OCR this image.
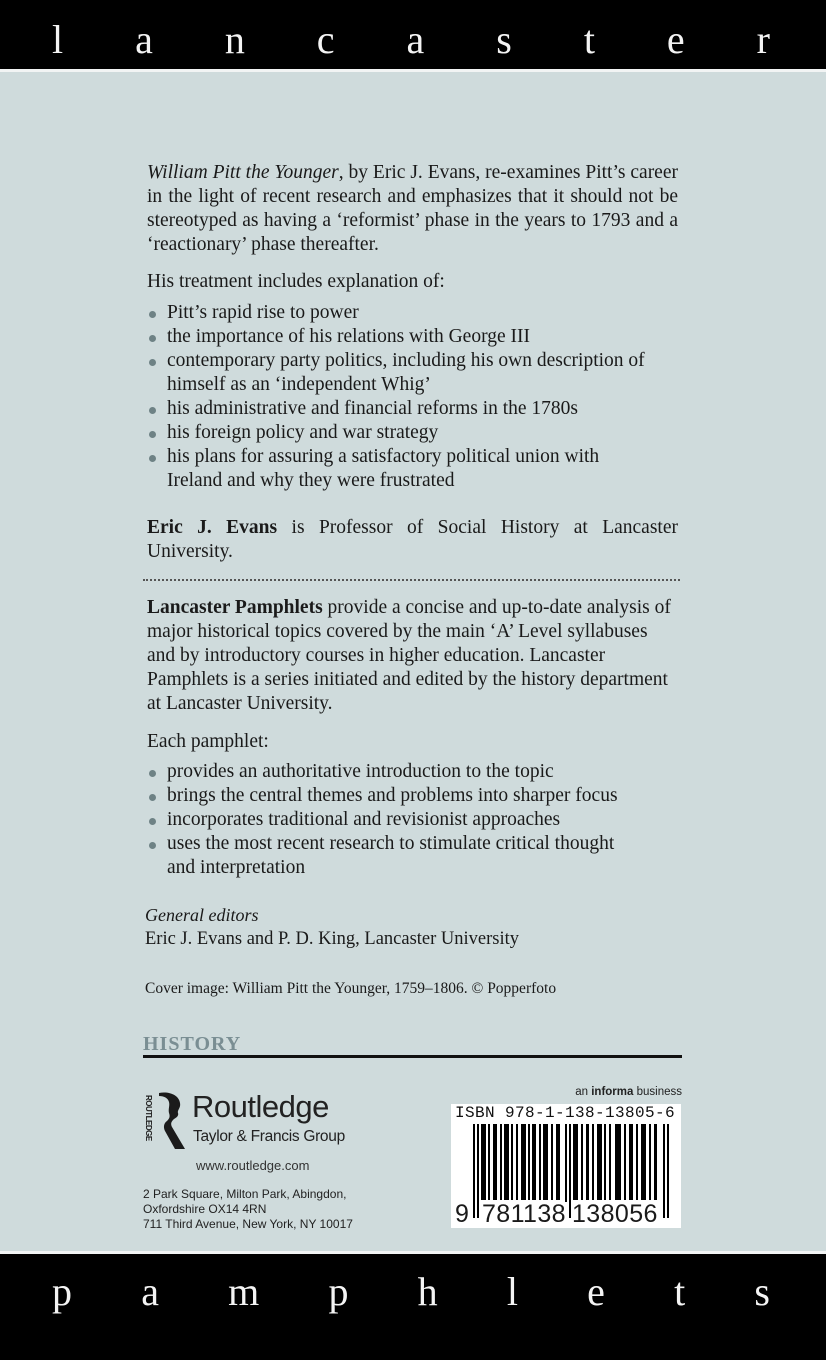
l a n c a s t e r

William Pitt the Younger, by Eric J. Evans, re-examines Pitt’s career in the light of recent research and emphasizes that it should not be stereotyped as having a ‘reformist’ phase in the years to 1793 and a ‘reactionary’ phase thereafter.

His treatment includes explanation of:

Pitt’s rapid rise to power
the importance of his relations with George III
contemporary party politics, including his own description of himself as an ‘independent Whig’
his administrative and financial reforms in the 1780s
his foreign policy and war strategy
his plans for assuring a satisfactory political union with Ireland and why they were frustrated

Eric J. Evans is Professor of Social History at Lancaster University.

Lancaster Pamphlets provide a concise and up-to-date analysis of major historical topics covered by the main ‘A’ Level syllabuses and by introductory courses in higher education. Lancaster Pamphlets is a series initiated and edited by the history department at Lancaster University.

Each pamphlet:

provides an authoritative introduction to the topic
brings the central themes and problems into sharper focus
incorporates traditional and revisionist approaches
uses the most recent research to stimulate critical thought and interpretation

General editors

Eric J. Evans and P. D. King, Lancaster University

Cover image: William Pitt the Younger, 1759–1806. © Popperfoto

HISTORY
ROUTLEDGE Routledge
Taylor & Francis Group
www.routledge.com
2 Park Square, Milton Park, Abingdon,
Oxfordshire OX14 4RN
711 Third Avenue, New York, NY 10017
an informa business
ISBN 978-1-138-13805-6
9 781138 138056
p a m p h l e t s
